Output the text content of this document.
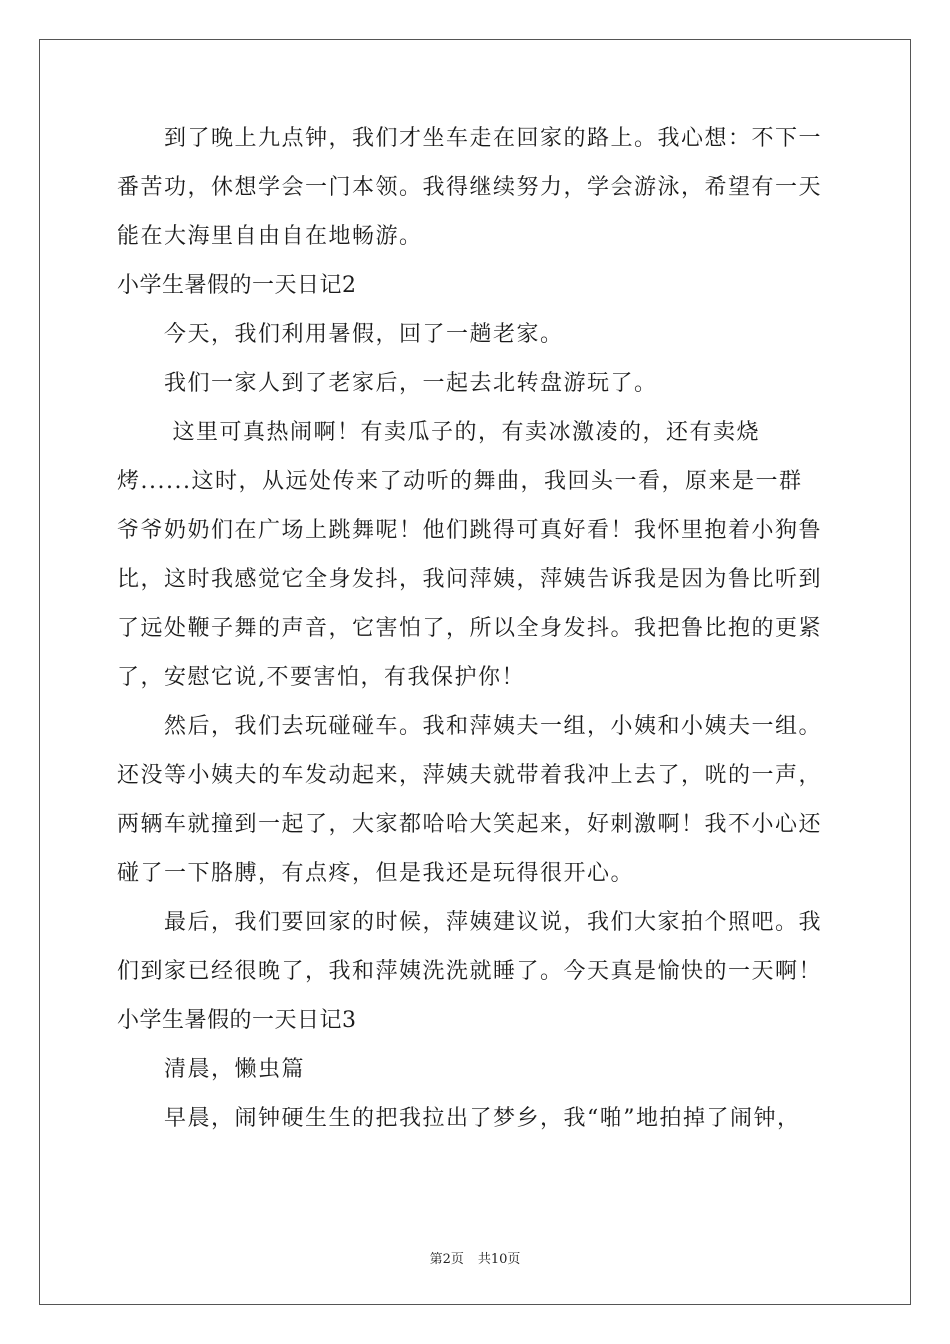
　　到了晚上九点钟，我们才坐车走在回家的路上。我心想：不下一
番苦功，休想学会一门本领。我得继续努力，学会游泳，希望有一天
能在大海里自由自在地畅游。
小学生暑假的一天日记2
　　今天，我们利用暑假，回了一趟老家。
　　我们一家人到了老家后，一起去北转盘游玩了。
　　 这里可真热闹啊！有卖瓜子的，有卖冰激凌的，还有卖烧
烤......这时，从远处传来了动听的舞曲，我回头一看，原来是一群
爷爷奶奶们在广场上跳舞呢！他们跳得可真好看！我怀里抱着小狗鲁
比，这时我感觉它全身发抖，我问萍姨，萍姨告诉我是因为鲁比听到
了远处鞭子舞的声音，它害怕了，所以全身发抖。我把鲁比抱的更紧
了，安慰它说,不要害怕，有我保护你！
　　然后，我们去玩碰碰车。我和萍姨夫一组，小姨和小姨夫一组。
还没等小姨夫的车发动起来，萍姨夫就带着我冲上去了，咣的一声，
两辆车就撞到一起了，大家都哈哈大笑起来，好刺激啊！我不小心还
碰了一下胳膊，有点疼，但是我还是玩得很开心。
　　最后，我们要回家的时候，萍姨建议说，我们大家拍个照吧。我
们到家已经很晚了，我和萍姨洗洗就睡了。今天真是愉快的一天啊！
小学生暑假的一天日记3
　　清晨，懒虫篇
　　早晨，闹钟硬生生的把我拉出了梦乡，我“啪”地拍掉了闹钟，
第2页 共10页
